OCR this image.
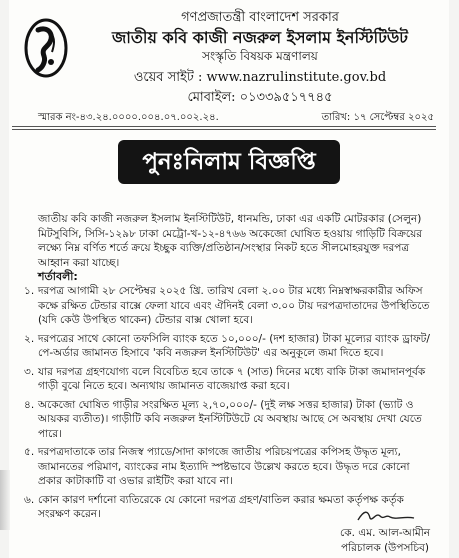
গণপ্রজাতন্ত্রী বাংলাদেশ সরকার
জাতীয় কবি কাজী নজরুল ইসলাম ইনস্টিটিউট
সংস্কৃতি বিষয়ক মন্ত্রণালয়
ওয়েব সাইট : www.nazrulinstitute.gov.bd
মোবাইল: ০১৩৩৯৫১৭৭৪৫
স্মারক নং-৪৩.২৪.০০০০.০০৪.০৭.০০২.২৪.	তারিখ: ১৭ সেপ্টেম্বর ২০২৫
পুনঃনিলাম বিজ্ঞপ্তি
জাতীয় কবি কাজী নজরুল ইসলাম ইনস্টিটিউট, ধানমন্ডি, ঢাকা এর একটি মোটরকার (সেলুন) মিটসুবিসি, সিসি-১২৯৮ ঢাকা মেট্রো-খ-১২-৪৭৬৬ অকেজো ঘোষিত হওয়ায় গাড়িটি বিক্রয়ের লক্ষ্যে নিম্ন বর্ণিত শর্তে ক্রয়ে ইচ্ছুক ব্যক্তি/প্রতিষ্ঠান/সংস্থার নিকট হতে সীলমোহরযুক্ত দরপত্র আহ্বান করা যাচ্ছে।
শর্তাবলী:
১. দরপত্র আগামী ২৮ সেপ্টেম্বর ২০২৫ খ্রি. তারিখ বেলা ২.০০ টার মধ্যে নিম্নস্বাক্ষরকারীর অফিস কক্ষে রক্ষিত টেন্ডার বাক্সে ফেলা যাবে এবং ঐদিনই বেলা ৩.০০ টায় দরপত্রদাতাদের উপস্থিতিতে (যদি কেউ উপস্থিত থাকেন) টেন্ডার বাক্স খোলা হবে।
২. দরপত্রের সাথে কোনো তফসিলি ব্যাংক হতে ১০,০০০/- (দশ হাজার) টাকা মূল্যের ব্যাংক ড্রাফট/ পে-অর্ডার জামানত হিসাবে 'কবি নজরুল ইনস্টিটিউট' এর অনুকূলে জমা দিতে হবে।
৩. যার দরপত্র গ্রহণযোগ্য বলে বিবেচিত হবে তাকে ৭ (সাত) দিনের মধ্যে বাকি টাকা জমাদানপূর্বক গাড়ী বুঝে নিতে হবে। অন্যথায় জামানত বাজেয়াপ্ত করা হবে।
৪. অকেজো ঘোষিত গাড়ীর সংরক্ষিত মূল্য ২,৭০,০০০/- (দুই লক্ষ সত্তর হাজার) টাকা (ভ্যাট ও আয়কর ব্যতীত)। গাড়ীটি কবি নজরুল ইনস্টিটিউটে যে অবস্থায় আছে সে অবস্থায় দেখা যেতে পারে।
৫. দরপত্রদাতাকে তার নিজস্ব প্যাডে/সাদা কাগজে জাতীয় পরিচয়পত্রের কপিসহ উদ্ধৃত মূল্য, জামানতের পরিমাণ, ব্যাংকের নাম ইত্যাদি স্পষ্টভাবে উল্লেখ করতে হবে। উদ্ধৃত দরে কোনো প্রকার কাটাকাটি বা ওভার রাইটিং করা যাবে না।
৬. কোন কারণ দর্শানো ব্যতিরেকে যে কোনো দরপত্র গ্রহণ/বাতিল করার ক্ষমতা কর্তৃপক্ষ কর্তৃক সংরক্ষণ করেন।
কে. এম. আল-আমীন
পরিচালক (উপসচিব)
